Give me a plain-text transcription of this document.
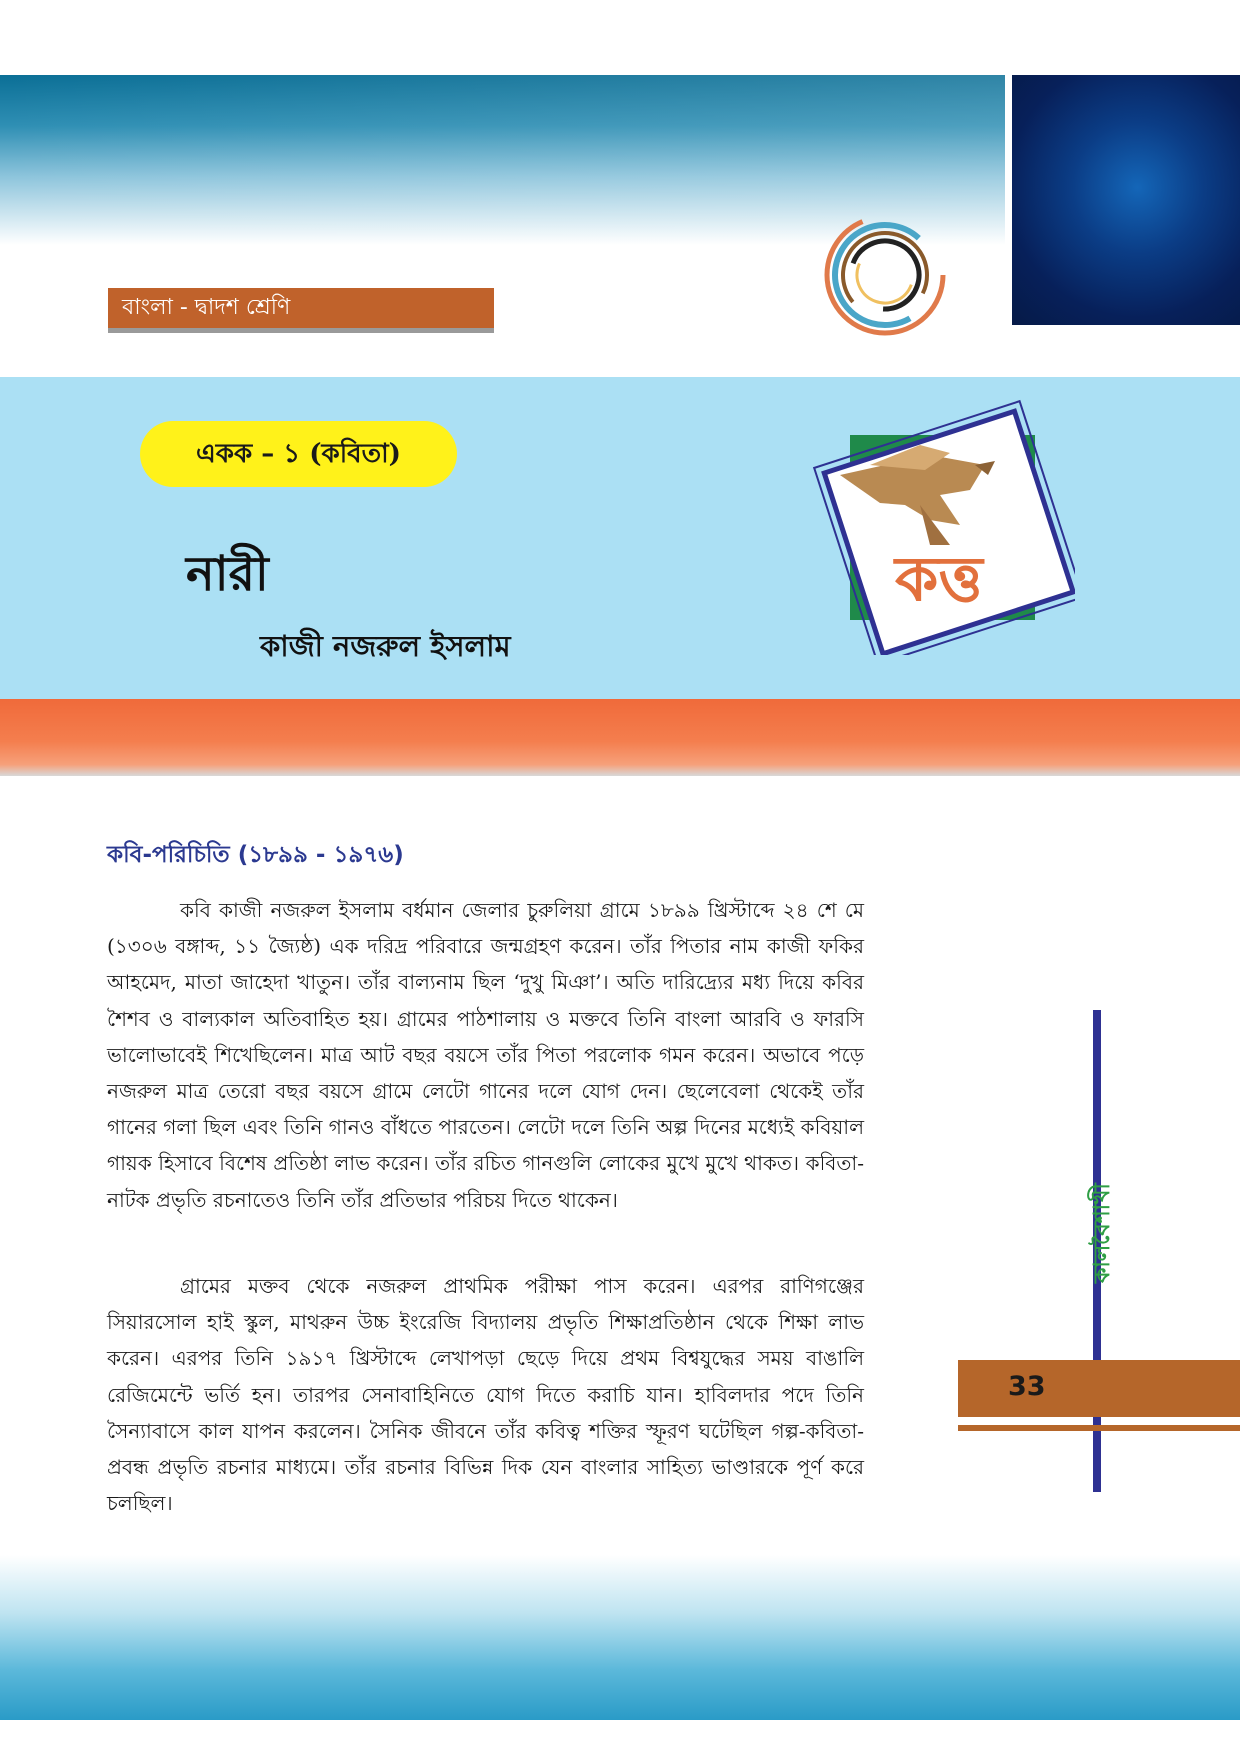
বাংলা - দ্বাদশ শ্রেণি
একক – ১ (কবিতা)
নারী
কাজী নজরুল ইসলাম
কত্ত
কবি-পরিচিতি (১৮৯৯ - ১৯৭৬)

কবি কাজী নজরুল ইসলাম বর্ধমান জেলার চুরুলিয়া গ্রামে ১৮৯৯ খ্রিস্টাব্দে ২৪ শে মে (১৩০৬ বঙ্গাব্দ, ১১ জ্যৈষ্ঠ) এক দরিদ্র পরিবারে জন্মগ্রহণ করেন। তাঁর পিতার নাম কাজী ফকির আহমেদ, মাতা জাহেদা খাতুন। তাঁর বাল্যনাম ছিল ‘দুখু মিঞা’। অতি দারিদ্র্যের মধ্য দিয়ে কবির শৈশব ও বাল্যকাল অতিবাহিত হয়। গ্রামের পাঠশালায় ও মক্তবে তিনি বাংলা আরবি ও ফারসি ভালোভাবেই শিখেছিলেন। মাত্র আট বছর বয়সে তাঁর পিতা পরলোক গমন করেন। অভাবে পড়ে নজরুল মাত্র তেরো বছর বয়সে গ্রামে লেটো গানের দলে যোগ দেন। ছেলেবেলা থেকেই তাঁর গানের গলা ছিল এবং তিনি গানও বাঁধতে পারতেন। লেটো দলে তিনি অল্প দিনের মধ্যেই কবিয়াল গায়ক হিসাবে বিশেষ প্রতিষ্ঠা লাভ করেন। তাঁর রচিত গানগুলি লোকের মুখে মুখে থাকত। কবিতা-নাটক প্রভৃতি রচনাতেও তিনি তাঁর প্রতিভার পরিচয় দিতে থাকেন।

গ্রামের মক্তব থেকে নজরুল প্রাথমিক পরীক্ষা পাস করেন। এরপর রাণিগঞ্জের সিয়ারসোল হাই স্কুল, মাথরুন উচ্চ ইংরেজি বিদ্যালয় প্রভৃতি শিক্ষাপ্রতিষ্ঠান থেকে শিক্ষা লাভ করেন। এরপর তিনি ১৯১৭ খ্রিস্টাব্দে লেখাপড়া ছেড়ে দিয়ে প্রথম বিশ্বযুদ্ধের সময় বাঙালি রেজিমেন্টে ভর্তি হন। তারপর সেনাবাহিনিতে যোগ দিতে করাচি যান। হাবিলদার পদে তিনি সৈন্যাবাসে কাল যাপন করলেন। সৈনিক জীবনে তাঁর কবিত্ব শক্তির স্ফূরণ ঘটেছিল গল্প-কবিতা-প্রবন্ধ প্রভৃতি রচনার মাধ্যমে। তাঁর রচনার বিভিন্ন দিক যেন বাংলার সাহিত্য ভাণ্ডারকে পূর্ণ করে চলছিল।

কালবৈশাখী
33
